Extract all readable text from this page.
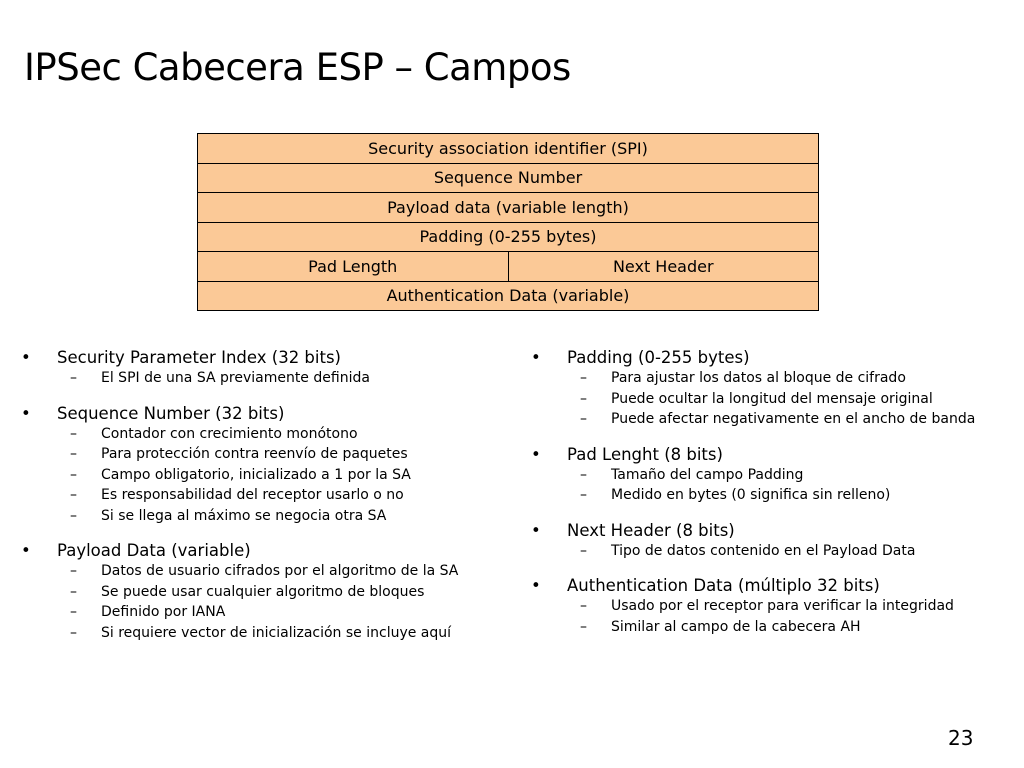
IPSec Cabecera ESP – Campos
Security association identifier (SPI)
Sequence Number
Payload data (variable length)
Padding (0-255 bytes)
Pad Length	Next Header
Authentication Data (variable)
• Security Parameter Index (32 bits)
– El SPI de una SA previamente definida
• Sequence Number (32 bits)
– Contador con crecimiento monótono
– Para protección contra reenvío de paquetes
– Campo obligatorio, inicializado a 1 por la SA
– Es responsabilidad del receptor usarlo o no
– Si se llega al máximo se negocia otra SA
• Payload Data (variable)
– Datos de usuario cifrados por el algoritmo de la SA
– Se puede usar cualquier algoritmo de bloques
– Definido por IANA
– Si requiere vector de inicialización se incluye aquí
• Padding (0-255 bytes)
– Para ajustar los datos al bloque de cifrado
– Puede ocultar la longitud del mensaje original
– Puede afectar negativamente en el ancho de banda
• Pad Lenght (8 bits)
– Tamaño del campo Padding
– Medido en bytes (0 significa sin relleno)
• Next Header (8 bits)
– Tipo de datos contenido en el Payload Data
• Authentication Data (múltiplo 32 bits)
– Usado por el receptor para verificar la integridad
– Similar al campo de la cabecera AH
23
